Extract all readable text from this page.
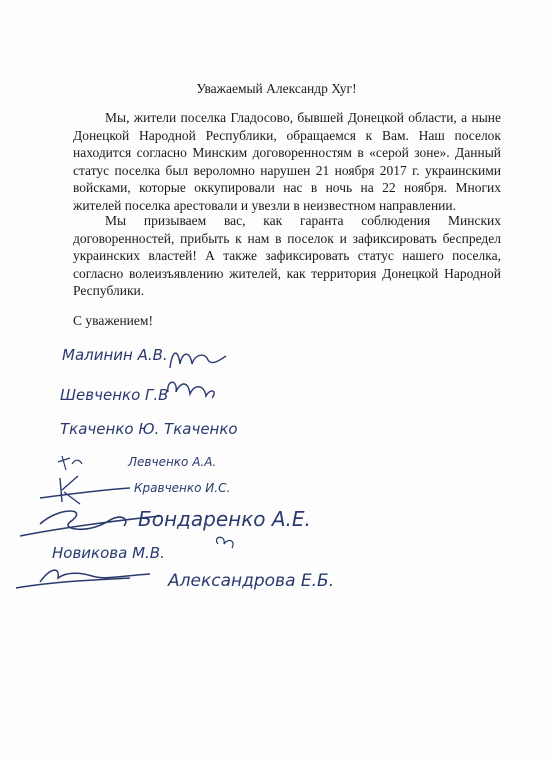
Уважаемый Александр Хуг!

Мы, жители поселка Гладосово, бывшей Донецкой области, а ныне Донецкой Народной Республики, обращаемся к Вам. Наш поселок находится согласно Минским договоренностям в «серой зоне». Данный статус поселка был вероломно нарушен 21 ноября 2017 г. украинскими войсками, которые оккупировали нас в ночь на 22 ноября. Многих жителей поселка арестовали и увезли в неизвестном направлении.

Мы призываем вас, как гаранта соблюдения Минских договоренностей, прибыть к нам в поселок и зафиксировать беспредел украинских властей! А также зафиксировать статус нашего поселка, согласно волеизъявлению жителей, как территория Донецкой Народной Республики.

С уважением!
Малинин А.В.
Шевченко Г.В
Ткаченко Ю. Ткаченко
Левченко А.А.
Кравченко И.С.
Бондаренко А.Е.
Новикова М.В.
Александрова Е.Б.
